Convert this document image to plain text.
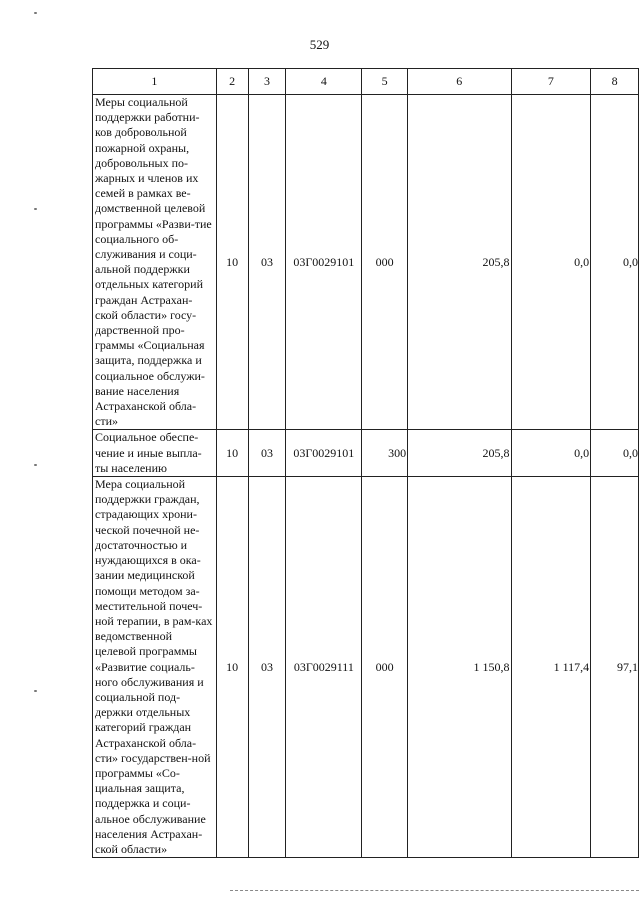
529
1	2	3	4	5	6	7	8
Меры социальной поддержки работни-ков добровольной пожарной охраны, добровольных по-жарных и членов их семей в рамках ве-домственной целевой программы «Разви-тие социального об-служивания и соци-альной поддержки отдельных категорий граждан Астрахан-ской области» госу-дарственной про-граммы «Социальная защита, поддержка и социальное обслужи-вание населения Астраханской обла-сти»	10	03	03Г0029101	000	205,8	0,0	0,0
Социальное обеспе-чение и иные выпла-ты населению	10	03	03Г0029101	300	205,8	0,0	0,0
Мера социальной поддержки граждан, страдающих хрони-ческой почечной не-достаточностью и нуждающихся в ока-зании медицинской помощи методом за-местительной почеч-ной терапии, в рам-ках ведомственной целевой программы «Развитие социаль-ного обслуживания и социальной под-держки отдельных категорий граждан Астраханской обла-сти» государствен-ной программы «Со-циальная защита, поддержка и соци-альное обслуживание населения Астрахан-ской области»	10	03	03Г0029111	000	1 150,8	1 117,4	97,1
